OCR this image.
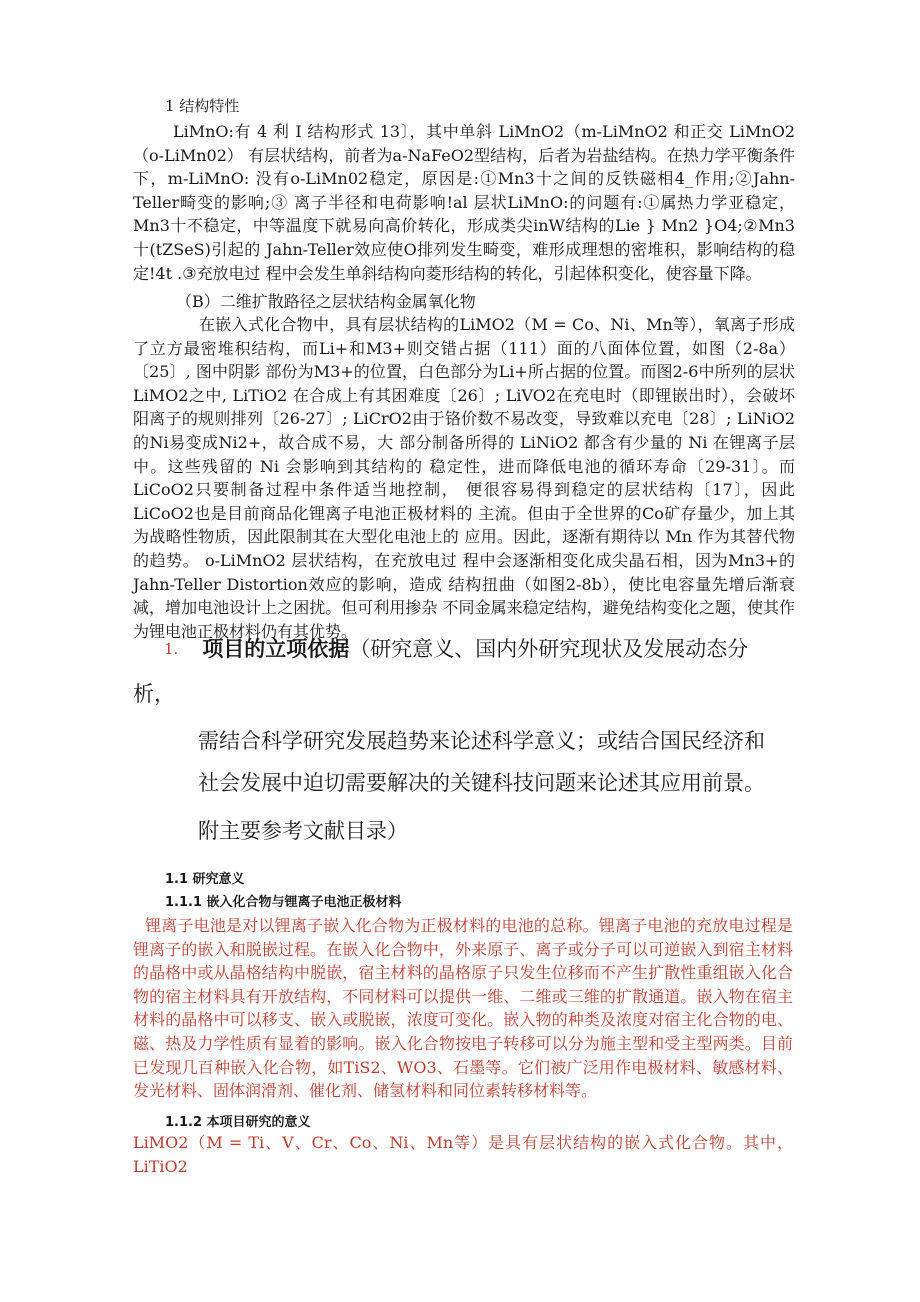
1 结构特性

LiMnO:有 4 利 I 结构形式 13〕，其中单斜 LiMnO2（m-LiMnO2 和正交 LiMnO2（o-LiMn02） 有层状结构，前者为a-NaFeO2型结构，后者为岩盐结构。在热力学平衡条件下，m-LiMnO: 没有o-LiMn02稳定，原因是:①Mn3十之间的反铁磁相4_作用;②Jahn-Teller畸变的影响;③ 离子半径和电荷影响!al 层状LiMnO:的问题有:①属热力学亚稳定，Mn3十不稳定，中等温度下就易向高价转化，形成类尖inW结构的Lie } Mn2 }O4;②Mn3十(tZSeS)引起的 Jahn-Teller效应使O排列发生畸变，难形成理想的密堆积，影响结构的稳定!4t .③充放电过 程中会发生单斜结构向菱形结构的转化，引起体积变化，使容量下降。

（B）二维扩散路径之层状结构金属氧化物

在嵌入式化合物中，具有层状结构的LiMO2（M = Co、Ni、Mn等），氧离子形成了立方最密堆积结构，而Li+和M3+则交错占据（111）面的八面体位置，如图（2-8a）〔25〕, 图中阴影 部份为M3+的位置，白色部分为Li+所占据的位置。而图2-6中所列的层状LiMO2之中, LiTiO2 在合成上有其困难度〔26〕; LiVO2在充电时（即锂嵌出时），会破坏阳离子的规则排列〔26-27〕; LiCrO2由于铬价数不易改变，导致难以充电〔28〕; LiNiO2的Ni易变成Ni2+，故合成不易，大 部分制备所得的 LiNiO2 都含有少量的 Ni 在锂离子层中。这些残留的 Ni 会影响到其结构的 稳定性，进而降低电池的循环寿命〔29-31〕。而LiCoO2只要制备过程中条件适当地控制， 便很容易得到稳定的层状结构〔17〕，因此LiCoO2也是目前商品化锂离子电池正极材料的 主流。但由于全世界的Co矿存量少，加上其为战略性物质，因此限制其在大型化电池上的 应用。因此，逐渐有期待以 Mn 作为其替代物的趋势。 o-LiMnO2 层状结构，在充放电过 程中会逐渐相变化成尖晶石相，因为Mn3+的Jahn-Teller Distortion效应的影响，造成 结构扭曲（如图2-8b），使比电容量先增后渐衰减，增加电池设计上之困扰。但可利用掺杂 不同金属来稳定结构，避免结构变化之题，使其作为锂电池正极材料仍有其优势。

1. 项目的立项依据（研究意义、国内外研究现状及发展动态分
析，
需结合科学研究发展趋势来论述科学意义；或结合国民经济和
社会发展中迫切需要解决的关键科技问题来论述其应用前景。
附主要参考文献目录）
1.1 研究意义
1.1.1 嵌入化合物与锂离子电池正极材料

锂离子电池是对以锂离子嵌入化合物为正极材料的电池的总称。锂离子电池的充放电过程是锂离子的嵌入和脱嵌过程。在嵌入化合物中，外来原子、离子或分子可以可逆嵌入到宿主材料的晶格中或从晶格结构中脱嵌，宿主材料的晶格原子只发生位移而不产生扩散性重组嵌入化合物的宿主材料具有开放结构，不同材料可以提供一维、二维或三维的扩散通道。嵌入物在宿主材料的晶格中可以移支、嵌入或脱嵌，浓度可变化。嵌入物的种类及浓度对宿主化合物的电、磁、热及力学性质有显着的影响。嵌入化合物按电子转移可以分为施主型和受主型两类。目前已发现几百种嵌入化合物，如TiS2、WO3、石墨等。它们被广泛用作电极材料、敏感材料、发光材料、固体润滑剂、催化剂、储氢材料和同位素转移材料等。

1.1.2 本项目研究的意义

LiMO2（M = Ti、V、Cr、Co、Ni、Mn等）是具有层状结构的嵌入式化合物。其中，LiTiO2
